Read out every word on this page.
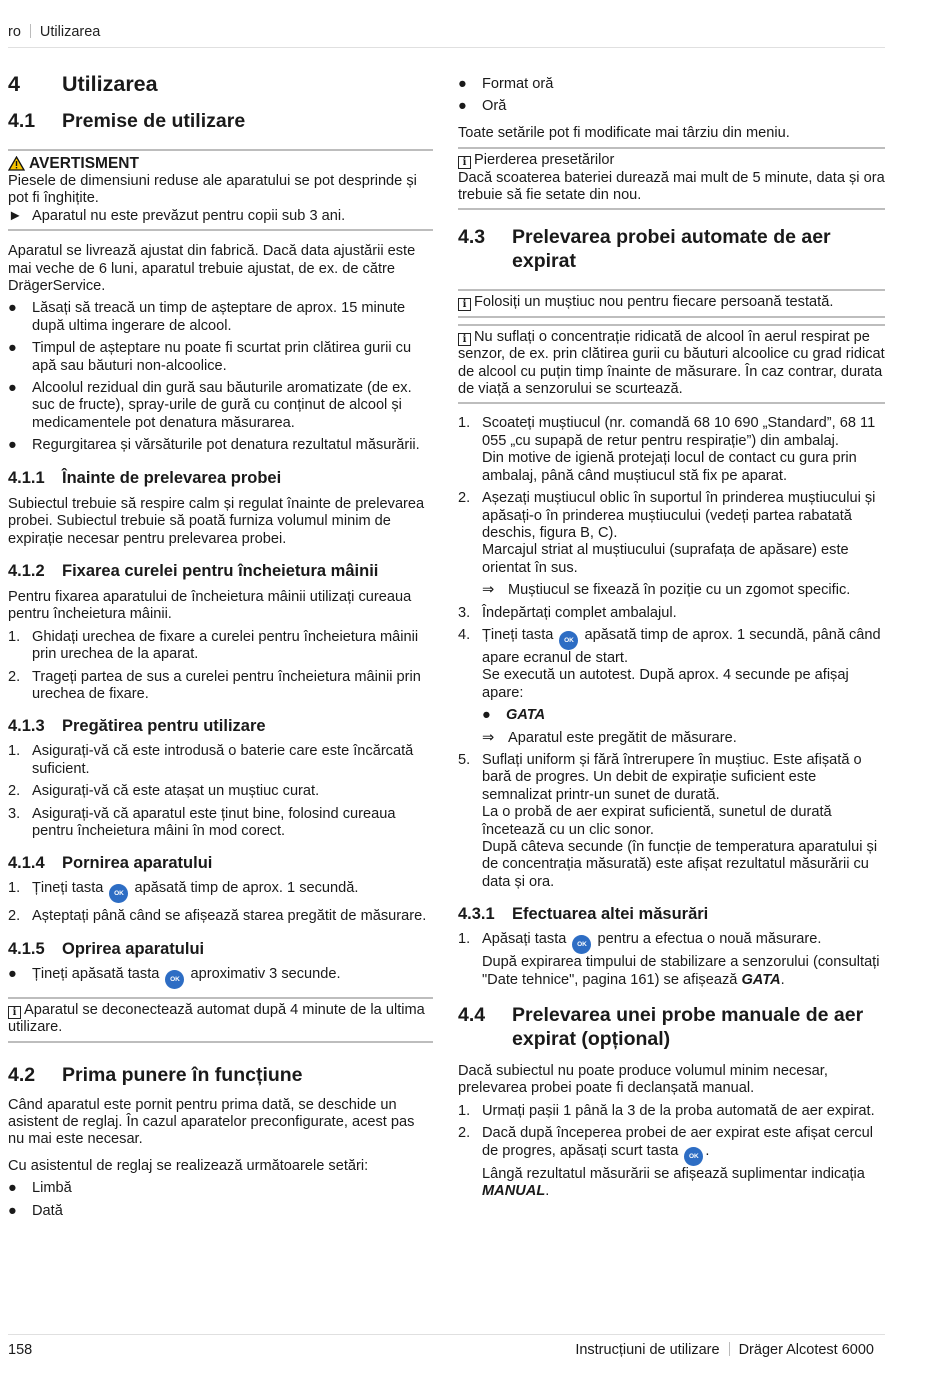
ro Utilizarea
4	Utilizarea
4.1	Premise de utilizare
AVERTISMENT

Piesele de dimensiuni reduse ale aparatului se pot desprinde și pot fi înghițite.

► Aparatul nu este prevăzut pentru copii sub 3 ani.

Aparatul se livrează ajustat din fabrică. Dacă data ajustării este mai veche de 6 luni, aparatul trebuie ajustat, de ex. de către DrägerService.

●	Lăsați să treacă un timp de așteptare de aprox. 15 minute după ultima ingerare de alcool.
●	Timpul de așteptare nu poate fi scurtat prin clătirea gurii cu apă sau băuturi non-alcoolice.
●	Alcoolul rezidual din gură sau băuturile aromatizate (de ex. suc de fructe), spray-urile de gură cu conținut de alcool și medicamentele pot denatura măsurarea.
●	Regurgitarea și vărsăturile pot denatura rezultatul măsurării.
4.1.1	Înainte de prelevarea probei

Subiectul trebuie să respire calm și regulat înainte de prelevarea probei. Subiectul trebuie să poată furniza volumul minim de expirație necesar pentru prelevarea probei.

4.1.2	Fixarea curelei pentru încheietura mâinii

Pentru fixarea aparatului de încheietura mâinii utilizați cureaua pentru încheietura mâinii.

1. Ghidați urechea de fixare a curelei pentru încheietura mâinii prin urechea de la aparat.
2. Trageți partea de sus a curelei pentru încheietura mâinii prin urechea de fixare.
4.1.3	Pregătirea pentru utilizare
1. Asigurați-vă că este introdusă o baterie care este încărcată suficient.
2. Asigurați-vă că este atașat un muștiuc curat.
3. Asigurați-vă că aparatul este ținut bine, folosind cureaua pentru încheietura mâini în mod corect.
4.1.4	Pornirea aparatului
1. Țineți tasta OK apăsată timp de aprox. 1 secundă.
2. Așteptați până când se afișează starea pregătit de măsurare.
4.1.5	Oprirea aparatului
●	Țineți apăsată tasta OK aproximativ 3 secunde.

i Aparatul se deconectează automat după 4 minute de la ultima utilizare.

4.2	Prima punere în funcțiune

Când aparatul este pornit pentru prima dată, se deschide un asistent de reglaj. În cazul aparatelor preconfigurate, acest pas nu mai este necesar.

Cu asistentul de reglaj se realizează următoarele setări:

●	Limbă
●	Dată
●	Format oră
●	Oră

Toate setările pot fi modificate mai târziu din meniu.

i Pierderea presetărilor

Dacă scoaterea bateriei durează mai mult de 5 minute, data și ora trebuie să fie setate din nou.

4.3	Prelevarea probei automate de aer expirat

i Folosiți un muștiuc nou pentru fiecare persoană testată.

i Nu suflați o concentrație ridicată de alcool în aerul respirat pe senzor, de ex. prin clătirea gurii cu băuturi alcoolice cu grad ridicat de alcool cu puțin timp înainte de măsurare. În caz contrar, durata de viață a senzorului se scurtează.

1. Scoateți muștiucul (nr. comandă 68 10 690 „Standard”, 68 11 055 „cu supapă de retur pentru respirație”) din ambalaj.
Din motive de igienă protejați locul de contact cu gura prin ambalaj, până când muștiucul stă fix pe aparat.
2. Așezați muștiucul oblic în suportul în prinderea muștiucului și apăsați-o în prinderea muștiucului (vedeți partea rabatată deschis, figura B, C).
Marcajul striat al muștiucului (suprafața de apăsare) este orientat în sus.
⇒ Muștiucul se fixează în poziție cu un zgomot specific.
3. Îndepărtați complet ambalajul.
4. Țineți tasta OK apăsată timp de aprox. 1 secundă, până când apare ecranul de start.
Se execută un autotest. După aprox. 4 secunde pe afișaj apare:
●	GATA
⇒ Aparatul este pregătit de măsurare.
5. Suflați uniform și fără întrerupere în muștiuc. Este afișată o bară de progres. Un debit de expirație suficient este semnalizat printr-un sunet de durată.
La o probă de aer expirat suficientă, sunetul de durată încetează cu un clic sonor.
După câteva secunde (în funcție de temperatura aparatului și de concentrația măsurată) este afișat rezultatul măsurării cu data și ora.
4.3.1	Efectuarea altei măsurări
1. Apăsați tasta OK pentru a efectua o nouă măsurare.
După expirarea timpului de stabilizare a senzorului (consultați "Date tehnice", pagina 161) se afișează GATA.
4.4	Prelevarea unei probe manuale de aer expirat (opțional)

Dacă subiectul nu poate produce volumul minim necesar, prelevarea probei poate fi declanșată manual.

1. Urmați pașii 1 până la 3 de la proba automată de aer expirat.
2. Dacă după începerea probei de aer expirat este afișat cercul de progres, apăsați scurt tasta OK .
Lângă rezultatul măsurării se afișează suplimentar indicația MANUAL.
158	Instrucțiuni de utilizare Dräger Alcotest 6000
